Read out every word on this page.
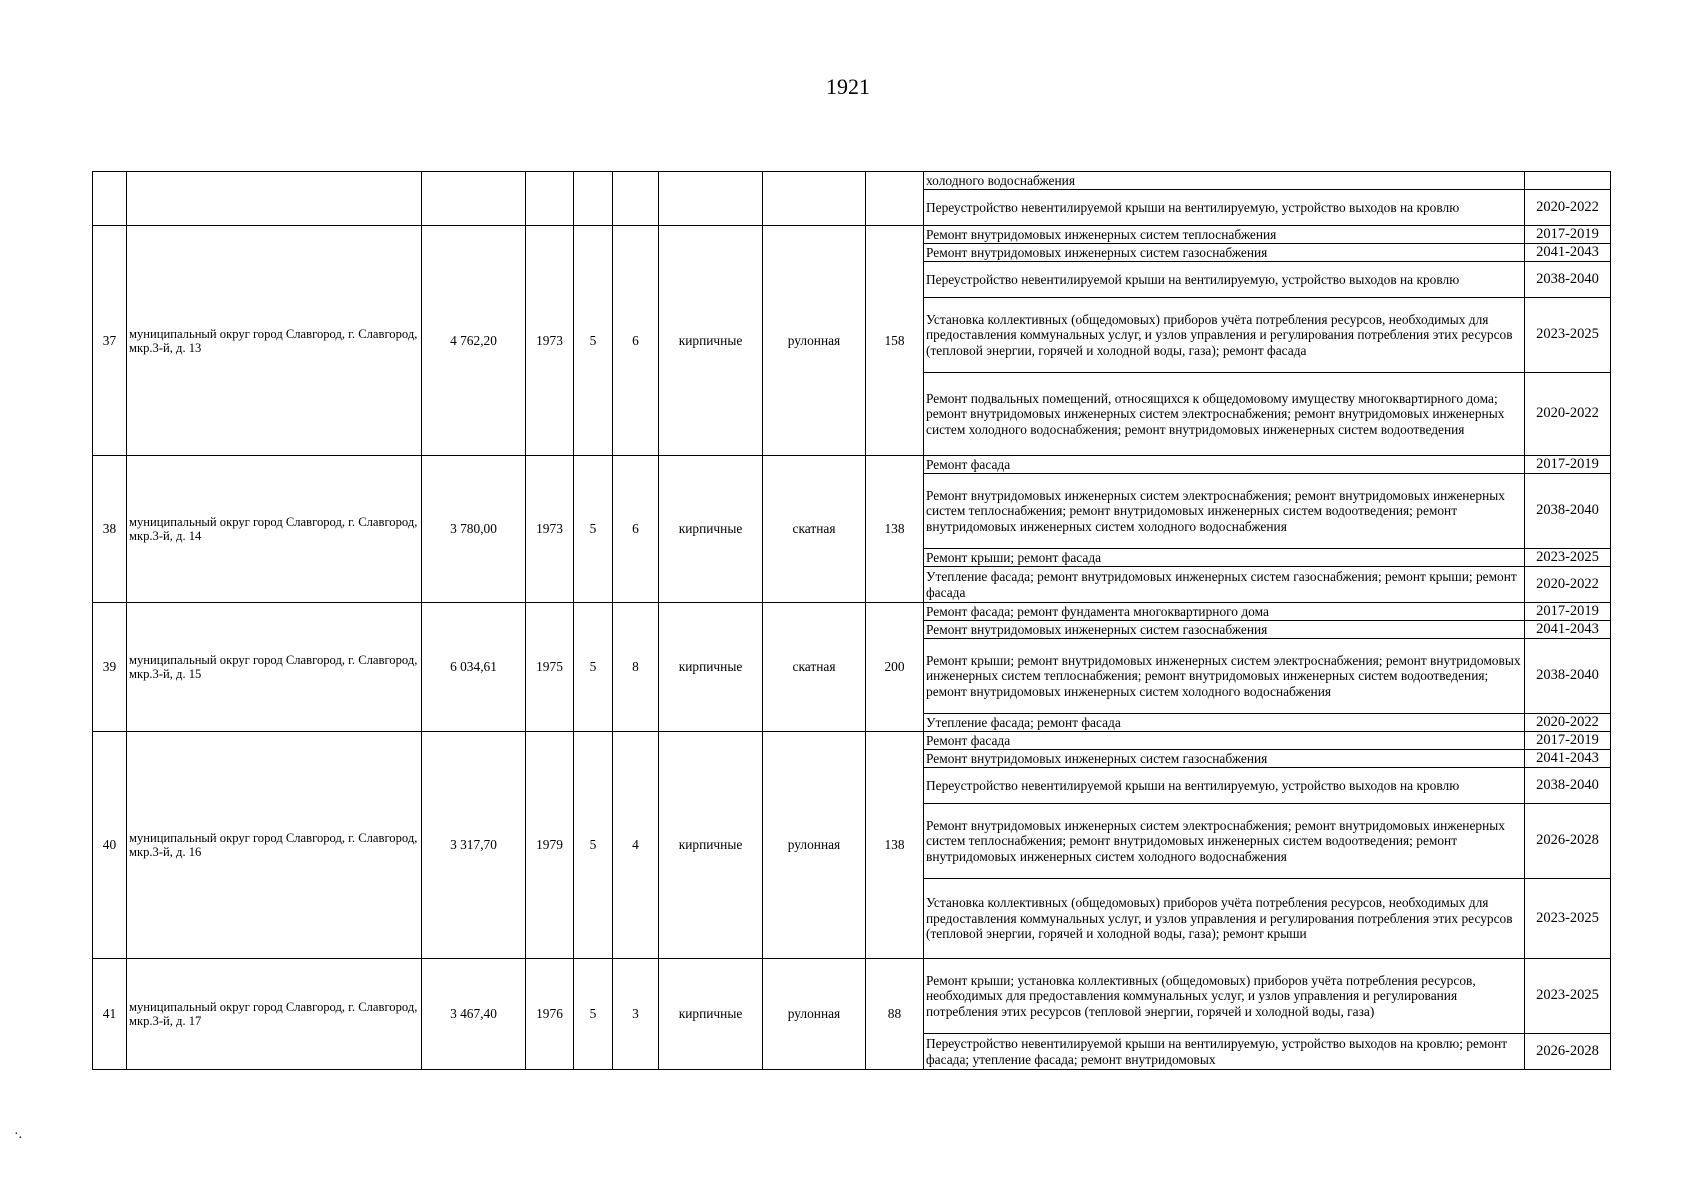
1921
									холодного водоснабжения	
									Переустройство невентилируемой крыши на вентилируемую, устройство выходов на кровлю	2020-2022
37	муниципальный округ город Славгород, г. Славгород, мкр.3-й, д. 13	4 762,20	1973	5	6	кирпичные	рулонная	158	Ремонт внутридомовых инженерных систем теплоснабжения	2017-2019
									Ремонт внутридомовых инженерных систем газоснабжения	2041-2043
									Переустройство невентилируемой крыши на вентилируемую, устройство выходов на кровлю	2038-2040
									Установка коллективных (общедомовых) приборов учёта потребления ресурсов, необходимых для предоставления коммунальных услуг, и узлов управления и регулирования потребления этих ресурсов (тепловой энергии, горячей и холодной воды, газа); ремонт фасада	2023-2025
									Ремонт подвальных помещений, относящихся к общедомовому имуществу многоквартирного дома; ремонт внутридомовых инженерных систем электроснабжения; ремонт внутридомовых инженерных систем холодного водоснабжения; ремонт внутридомовых инженерных систем водоотведения	2020-2022
38	муниципальный округ город Славгород, г. Славгород, мкр.3-й, д. 14	3 780,00	1973	5	6	кирпичные	скатная	138	Ремонт фасада	2017-2019
									Ремонт внутридомовых инженерных систем электроснабжения; ремонт внутридомовых инженерных систем теплоснабжения; ремонт внутридомовых инженерных систем водоотведения; ремонт внутридомовых инженерных систем холодного водоснабжения	2038-2040
									Ремонт крыши; ремонт фасада	2023-2025
									Утепление фасада; ремонт внутридомовых инженерных систем газоснабжения; ремонт крыши; ремонт фасада	2020-2022
39	муниципальный округ город Славгород, г. Славгород, мкр.3-й, д. 15	6 034,61	1975	5	8	кирпичные	скатная	200	Ремонт фасада; ремонт фундамента многоквартирного дома	2017-2019
									Ремонт внутридомовых инженерных систем газоснабжения	2041-2043
									Ремонт крыши; ремонт внутридомовых инженерных систем электроснабжения; ремонт внутридомовых инженерных систем теплоснабжения; ремонт внутридомовых инженерных систем водоотведения; ремонт внутридомовых инженерных систем холодного водоснабжения	2038-2040
									Утепление фасада; ремонт фасада	2020-2022
40	муниципальный округ город Славгород, г. Славгород, мкр.3-й, д. 16	3 317,70	1979	5	4	кирпичные	рулонная	138	Ремонт фасада	2017-2019
									Ремонт внутридомовых инженерных систем газоснабжения	2041-2043
									Переустройство невентилируемой крыши на вентилируемую, устройство выходов на кровлю	2038-2040
									Ремонт внутридомовых инженерных систем электроснабжения; ремонт внутридомовых инженерных систем теплоснабжения; ремонт внутридомовых инженерных систем водоотведения; ремонт внутридомовых инженерных систем холодного водоснабжения	2026-2028
									Установка коллективных (общедомовых) приборов учёта потребления ресурсов, необходимых для предоставления коммунальных услуг, и узлов управления и регулирования потребления этих ресурсов (тепловой энергии, горячей и холодной воды, газа); ремонт крыши	2023-2025
41	муниципальный округ город Славгород, г. Славгород, мкр.3-й, д. 17	3 467,40	1976	5	3	кирпичные	рулонная	88	Ремонт крыши; установка коллективных (общедомовых) приборов учёта потребления ресурсов, необходимых для предоставления коммунальных услуг, и узлов управления и регулирования потребления этих ресурсов (тепловой энергии, горячей и холодной воды, газа)	2023-2025
									Переустройство невентилируемой крыши на вентилируемую, устройство выходов на кровлю; ремонт фасада; утепление фасада; ремонт внутридомовых	2026-2028
·.
